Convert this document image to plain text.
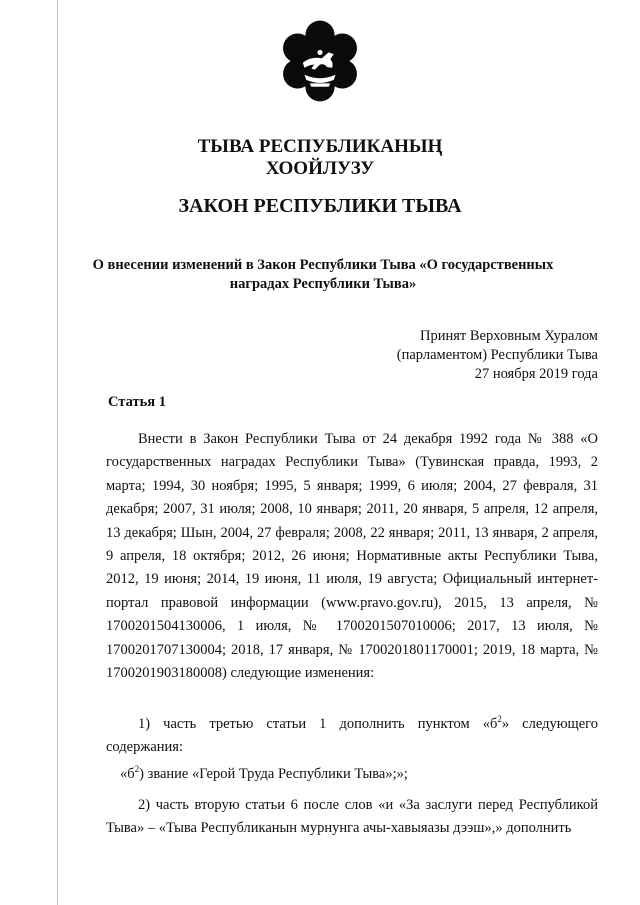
ТЫВА РЕСПУБЛИКАНЫҢ
ХООЙЛУЗУ
ЗАКОН РЕСПУБЛИКИ ТЫВА
О внесении изменений в Закон Республики Тыва «О государственных
наградах Республики Тыва»
Принят Верховным Хуралом
(парламентом) Республики Тыва
27 ноября 2019 года
Статья 1

Внести в Закон Республики Тыва от 24 декабря 1992 года № 388 «О государственных наградах Республики Тыва» (Тувинская правда, 1993, 2 марта; 1994, 30 ноября; 1995, 5 января; 1999, 6 июля; 2004, 27 февраля, 31 декабря; 2007, 31 июля; 2008, 10 января; 2011, 20 января, 5 апреля, 12 апреля, 13 декабря; Шын, 2004, 27 февраля; 2008, 22 января; 2011, 13 января, 2 апреля, 9 апреля, 18 октября; 2012, 26 июня; Нормативные акты Республики Тыва, 2012, 19 июня; 2014, 19 июня, 11 июля, 19 августа; Официальный интернет-портал правовой информации (www.pravo.gov.ru), 2015, 13 апреля, № 1700201504130006, 1 июля, № 1700201507010006; 2017, 13 июля, № 1700201707130004; 2018, 17 января, № 1700201801170001; 2019, 18 марта, № 1700201903180008) следующие изменения:

1) часть третью статьи 1 дополнить пунктом «$б^2$» следующего содержания:

«$б^2$) звание «Герой Труда Республики Тыва»;»;

2) часть вторую статьи 6 после слов «и «За заслуги перед Республикой Тыва» – «Тыва Республиканын мурнунга ачы-хавыяазы дээш»,» дополнить
